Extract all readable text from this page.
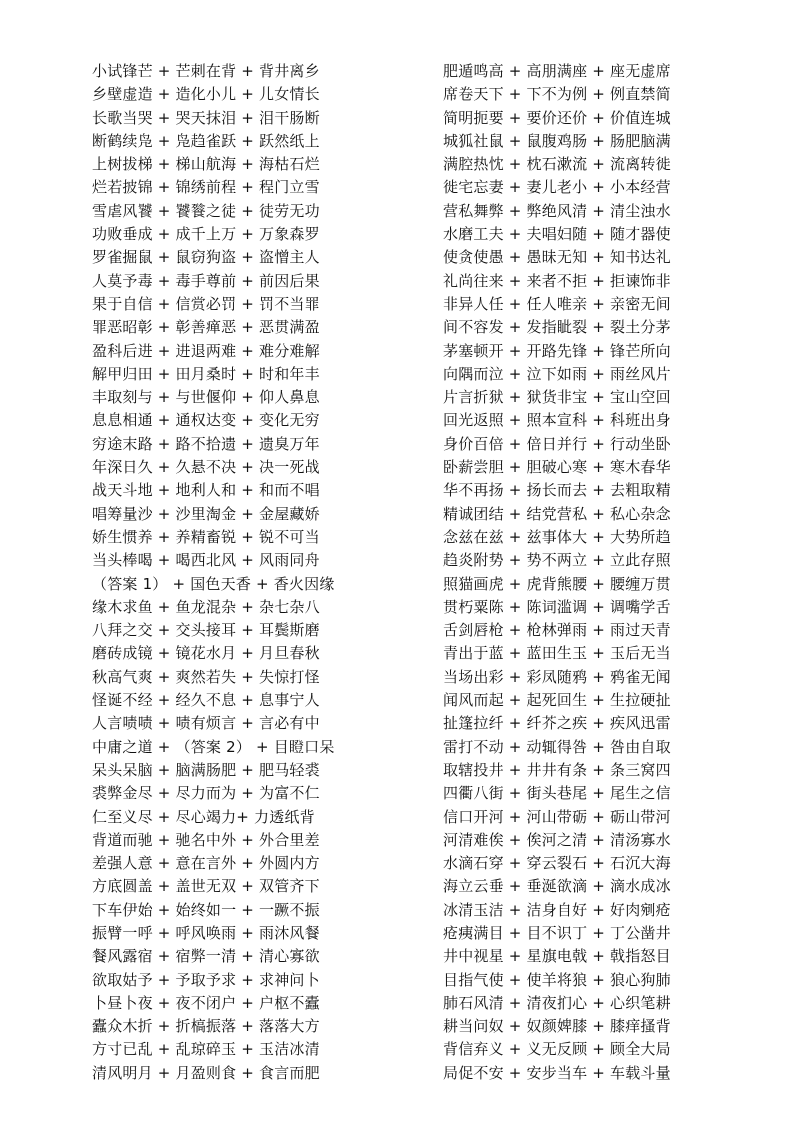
小试锋芒 + 芒刺在背 + 背井离乡
乡壁虚造 + 造化小儿 + 儿女情长
长歌当哭 + 哭天抹泪 + 泪干肠断
断鹤续凫 + 凫趋雀跃 + 跃然纸上
上树拔梯 + 梯山航海 + 海枯石烂
烂若披锦 + 锦绣前程 + 程门立雪
雪虐风饕 + 饕餮之徒 + 徒劳无功
功败垂成 + 成千上万 + 万象森罗
罗雀掘鼠 + 鼠窃狗盗 + 盗憎主人
人莫予毒 + 毒手尊前 + 前因后果
果于自信 + 信赏必罚 + 罚不当罪
罪恶昭彰 + 彰善瘅恶 + 恶贯满盈
盈科后进 + 进退两难 + 难分难解
解甲归田 + 田月桑时 + 时和年丰
丰取刻与 + 与世偃仰 + 仰人鼻息
息息相通 + 通权达变 + 变化无穷
穷途末路 + 路不拾遗 + 遗臭万年
年深日久 + 久悬不决 + 决一死战
战天斗地 + 地利人和 + 和而不唱
唱筹量沙 + 沙里淘金 + 金屋藏娇
娇生惯养 + 养精畜锐 + 锐不可当
当头棒喝 + 喝西北风 + 风雨同舟
（答案 1） + 国色天香 + 香火因缘
缘木求鱼 + 鱼龙混杂 + 杂七杂八
八拜之交 + 交头接耳 + 耳鬓斯磨
磨砖成镜 + 镜花水月 + 月旦春秋
秋高气爽 + 爽然若失 + 失惊打怪
怪诞不经 + 经久不息 + 息事宁人
人言啧啧 + 啧有烦言 + 言必有中
中庸之道 + （答案 2） + 目瞪口呆
呆头呆脑 + 脑满肠肥 + 肥马轻裘
裘弊金尽 + 尽力而为 + 为富不仁
仁至义尽 + 尽心竭力+ 力透纸背
背道而驰 + 驰名中外 + 外合里差
差强人意 + 意在言外 + 外圆内方
方底圆盖 + 盖世无双 + 双管齐下
下车伊始 + 始终如一 + 一蹶不振
振臂一呼 + 呼风唤雨 + 雨沐风餐
餐风露宿 + 宿弊一清 + 清心寡欲
欲取姑予 + 予取予求 + 求神问卜
卜昼卜夜 + 夜不闭户 + 户枢不蠹
蠹众木折 + 折槁振落 + 落落大方
方寸已乱 + 乱琼碎玉 + 玉洁冰清
清风明月 + 月盈则食 + 食言而肥
肥遁鸣高 + 高朋满座 + 座无虚席
席卷天下 + 下不为例 + 例直禁简
简明扼要 + 要价还价 + 价值连城
城狐社鼠 + 鼠腹鸡肠 + 肠肥脑满
满腔热忱 + 枕石漱流 + 流离转徙
徙宅忘妻 + 妻儿老小 + 小本经营
营私舞弊 + 弊绝风清 + 清尘浊水
水磨工夫 + 夫唱妇随 + 随才器使
使贪使愚 + 愚昧无知 + 知书达礼
礼尚往来 + 来者不拒 + 拒谏饰非
非异人任 + 任人唯亲 + 亲密无间
间不容发 + 发指眦裂 + 裂土分茅
茅塞顿开 + 开路先锋 + 锋芒所向
向隅而泣 + 泣下如雨 + 雨丝风片
片言折狱 + 狱货非宝 + 宝山空回
回光返照 + 照本宣科 + 科班出身
身价百倍 + 倍日并行 + 行动坐卧
卧薪尝胆 + 胆破心寒 + 寒木春华
华不再扬 + 扬长而去 + 去粗取精
精诚团结 + 结党营私 + 私心杂念
念兹在兹 + 兹事体大 + 大势所趋
趋炎附势 + 势不两立 + 立此存照
照猫画虎 + 虎背熊腰 + 腰缠万贯
贯朽粟陈 + 陈词滥调 + 调嘴学舌
舌剑唇枪 + 枪林弹雨 + 雨过天青
青出于蓝 + 蓝田生玉 + 玉后无当
当场出彩 + 彩凤随鸦 + 鸦雀无闻
闻风而起 + 起死回生 + 生拉硬扯
扯篷拉纤 + 纤芥之疾 + 疾风迅雷
雷打不动 + 动辄得咎 + 咎由自取
取辖投井 + 井井有条 + 条三窝四
四衢八街 + 街头巷尾 + 尾生之信
信口开河 + 河山带砺 + 砺山带河
河清难俟 + 俟河之清 + 清汤寡水
水滴石穿 + 穿云裂石 + 石沉大海
海立云垂 + 垂涎欲滴 + 滴水成冰
冰清玉洁 + 洁身自好 + 好肉剜疮
疮痍满目 + 目不识丁 + 丁公凿井
井中视星 + 星旗电戟 + 戟指怒目
目指气使 + 使羊将狼 + 狼心狗肺
肺石风清 + 清夜扪心 + 心织笔耕
耕当问奴 + 奴颜婢膝 + 膝痒搔背
背信弃义 + 义无反顾 + 顾全大局
局促不安 + 安步当车 + 车载斗量
